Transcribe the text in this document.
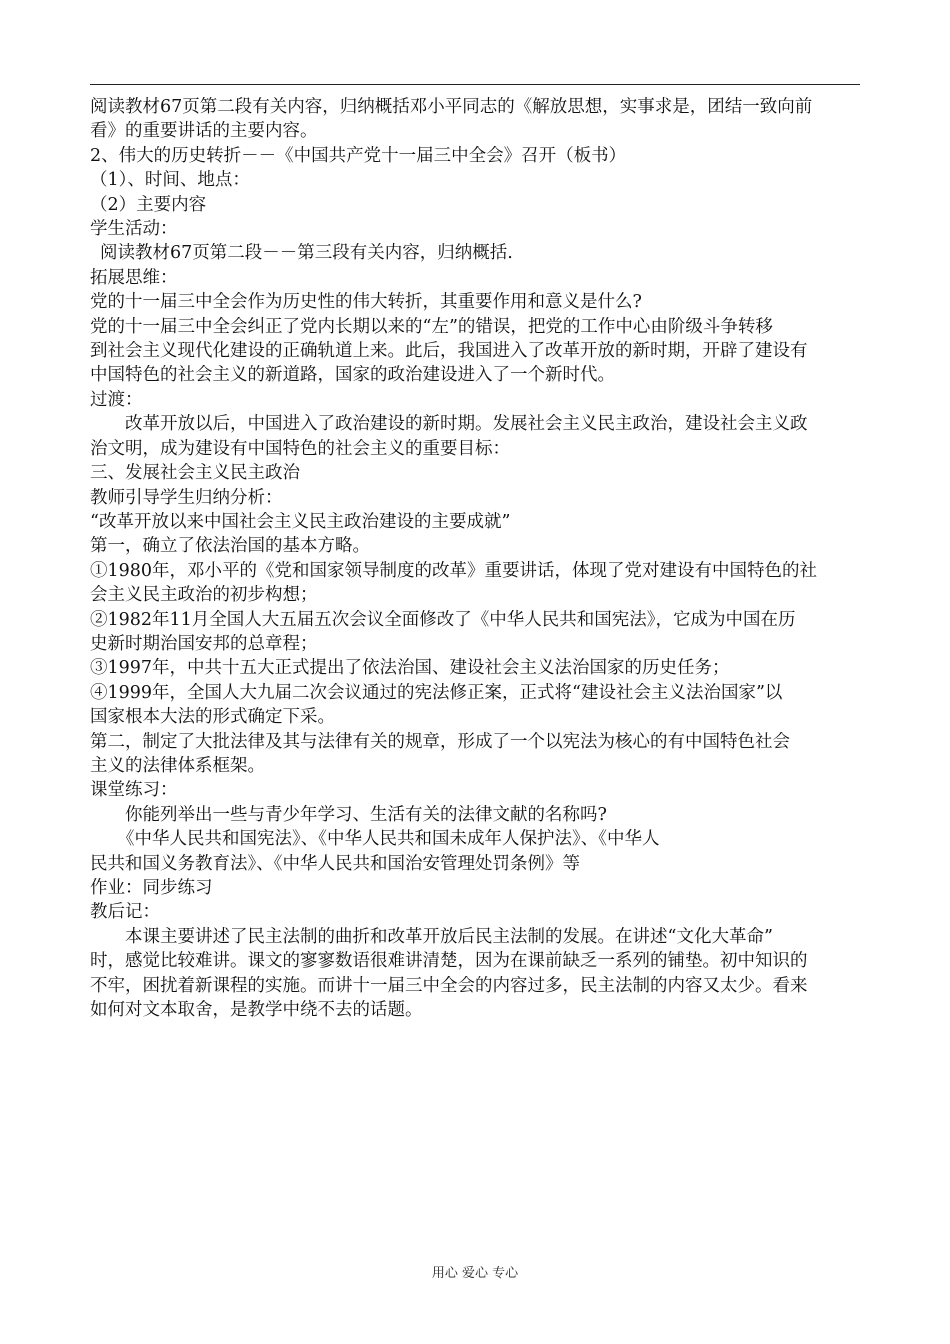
阅读教材67页第二段有关内容，归纳概括邓小平同志的《解放思想，实事求是，团结一致向前

看》的重要讲话的主要内容。

2、伟大的历史转折－－《中国共产党十一届三中全会》召开（板书）

（1）、时间、地点：

（2）主要内容

学生活动：

阅读教材67页第二段－－第三段有关内容，归纳概括.

拓展思维：

党的十一届三中全会作为历史性的伟大转折，其重要作用和意义是什么?

党的十一届三中全会纠正了党内长期以来的“左”的错误，把党的工作中心由阶级斗争转移

到社会主义现代化建设的正确轨道上来。此后，我国进入了改革开放的新时期，开辟了建设有

中国特色的社会主义的新道路，国家的政治建设进入了一个新时代。

过渡：

改革开放以后，中国进入了政治建设的新时期。发展社会主义民主政治，建设社会主义政

治文明，成为建设有中国特色的社会主义的重要目标：

三、发展社会主义民主政治

教师引导学生归纳分析：

“改革开放以来中国社会主义民主政治建设的主要成就”

第一，确立了依法治国的基本方略。

①1980年，邓小平的《党和国家领导制度的改革》重要讲话，体现了党对建设有中国特色的社

会主义民主政治的初步构想；

②1982年11月全国人大五届五次会议全面修改了《中华人民共和国宪法》，它成为中国在历

史新时期治国安邦的总章程；

③1997年，中共十五大正式提出了依法治国、建设社会主义法治国家的历史任务；

④1999年，全国人大九届二次会议通过的宪法修正案，正式将“建设社会主义法治国家”以

国家根本大法的形式确定下采。

第二，制定了大批法律及其与法律有关的规章，形成了一个以宪法为核心的有中国特色社会

主义的法律体系框架。

课堂练习：

你能列举出一些与青少年学习、生活有关的法律文献的名称吗?

《中华人民共和国宪法》、《中华人民共和国未成年人保护法》、《中华人

民共和国义务教育法》、《中华人民共和国治安管理处罚条例》等

作业：同步练习

教后记：

本课主要讲述了民主法制的曲折和改革开放后民主法制的发展。在讲述“文化大革命”

时，感觉比较难讲。课文的寥寥数语很难讲清楚，因为在课前缺乏一系列的铺垫。初中知识的

不牢，困扰着新课程的实施。而讲十一届三中全会的内容过多，民主法制的内容又太少。看来

如何对文本取舍，是教学中绕不去的话题。

用心 爱心 专心
